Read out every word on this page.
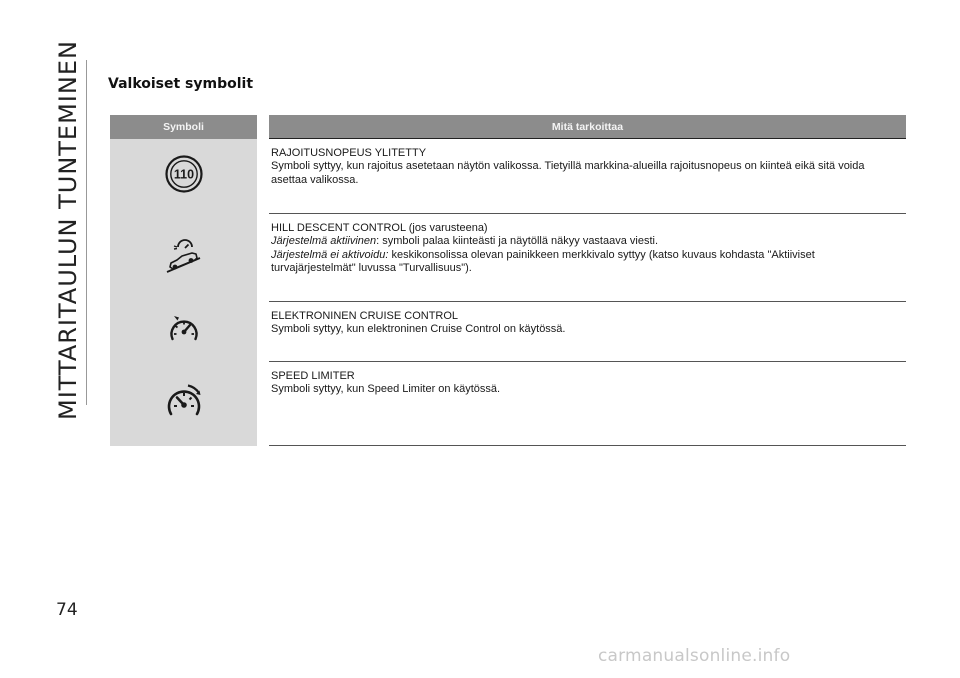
MITTARITAULUN TUNTEMINEN
74
Valkoiset symbolit
Symboli	Mitä tarkoittaa

110	RAJOITUSNOPEUS YLITETTY
Symboli syttyy, kun rajoitus asetetaan näytön valikossa. Tietyillä markkina-alueilla rajoitusnopeus on kiinteä eikä sitä voida asettaa valikossa.

HILL DESCENT CONTROL (jos varusteena)
Järjestelmä aktiivinen: symboli palaa kiinteästi ja näytöllä näkyy vastaava viesti.
Järjestelmä ei aktivoidu: keskikonsolissa olevan painikkeen merkkivalo syttyy (katso kuvaus kohdasta "Aktiiviset turvajärjestelmät" luvussa "Turvallisuus").

ELEKTRONINEN CRUISE CONTROL
Symboli syttyy, kun elektroninen Cruise Control on käytössä.

SPEED LIMITER
Symboli syttyy, kun Speed Limiter on käytössä.
carmanualsonline.info
